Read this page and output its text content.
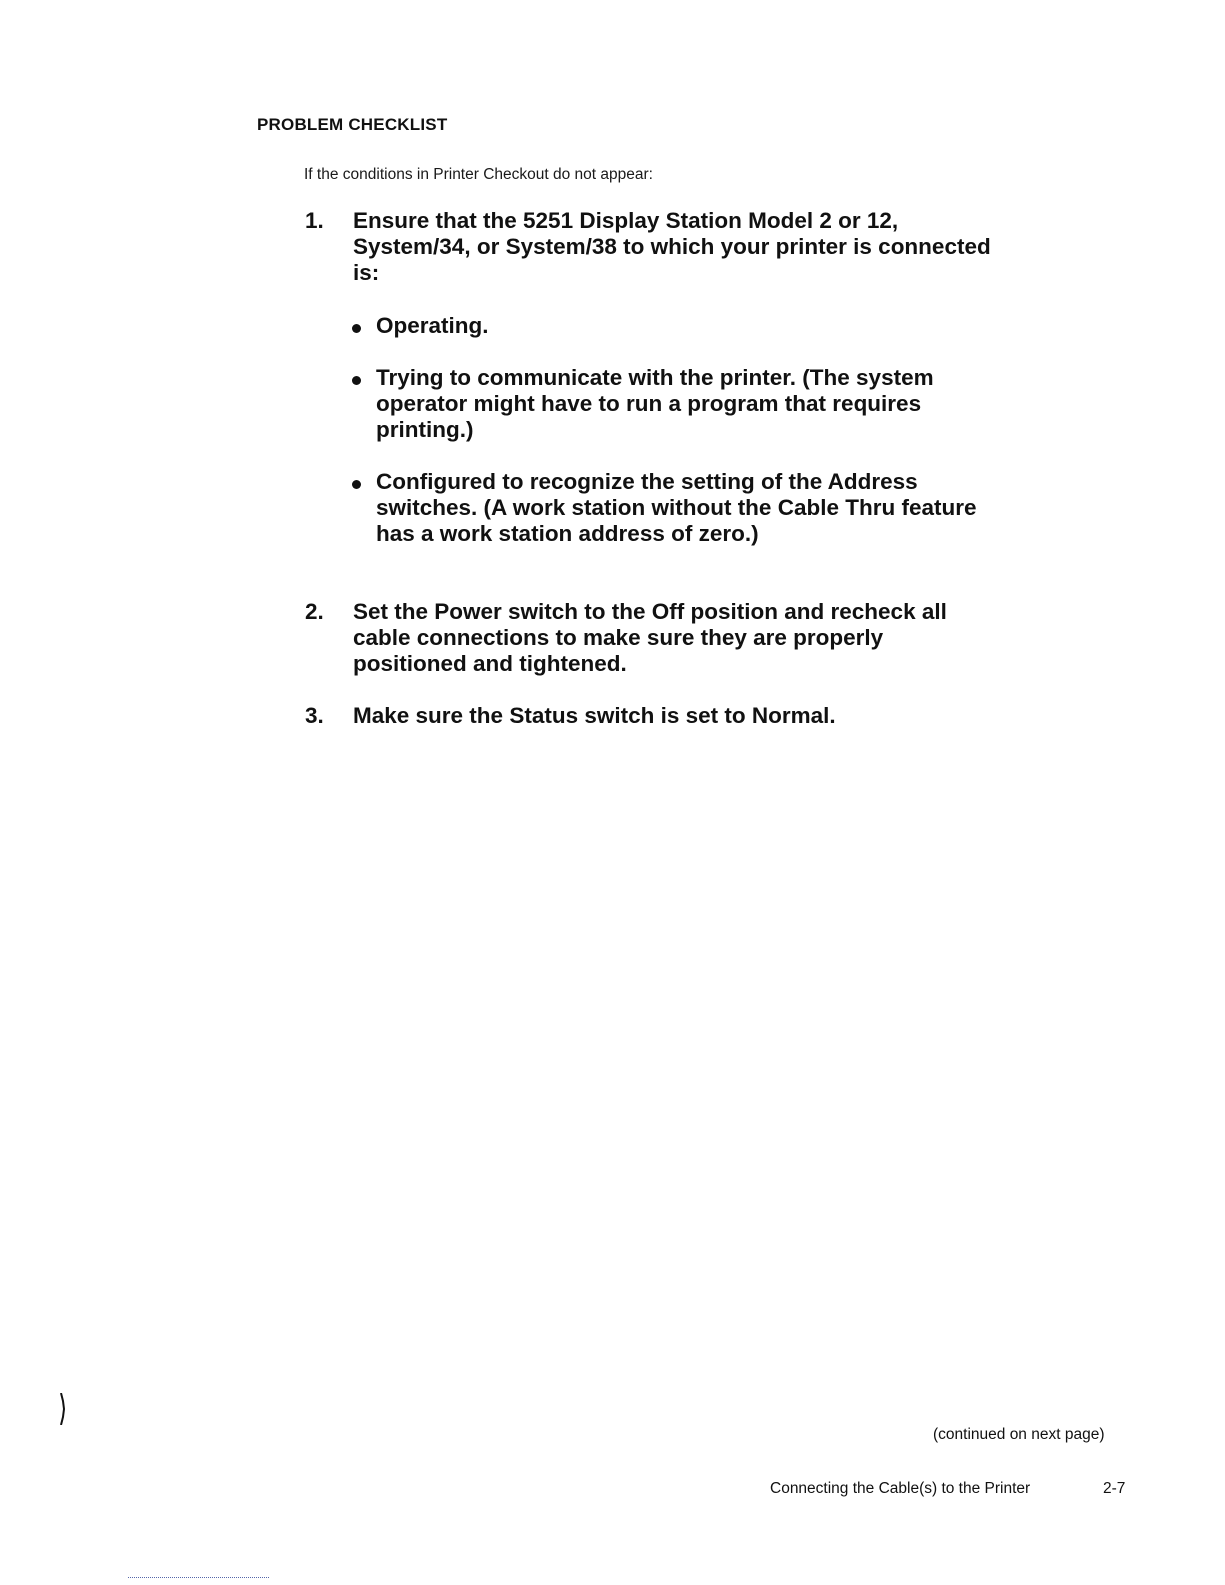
PROBLEM CHECKLIST
If the conditions in Printer Checkout do not appear:
1. Ensure that the 5251 Display Station Model 2 or 12, System/34, or System/38 to which your printer is connected is:
Operating.
Trying to communicate with the printer. (The system operator might have to run a program that requires printing.)
Configured to recognize the setting of the Address switches. (A work station without the Cable Thru feature has a work station address of zero.)
2. Set the Power switch to the Off position and recheck all cable connections to make sure they are properly positioned and tightened.
3. Make sure the Status switch is set to Normal.
(continued on next page)
Connecting the Cable(s) to the Printer	2-7
